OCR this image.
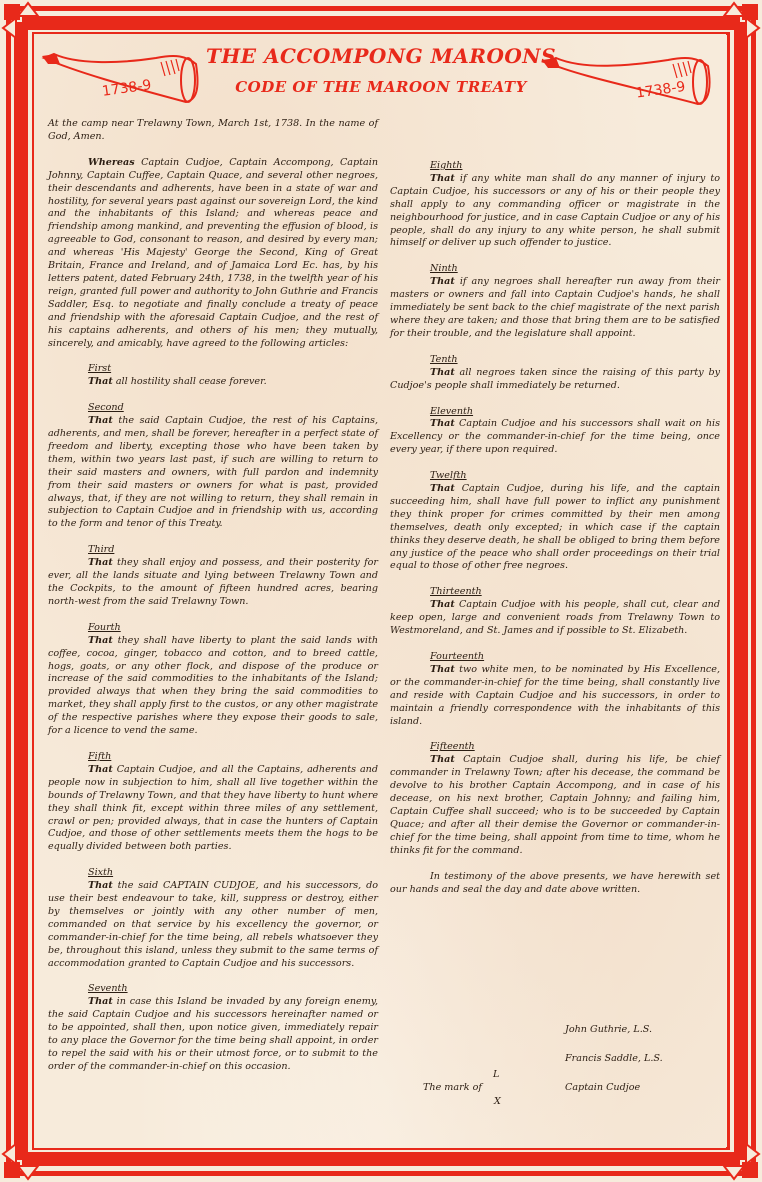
1738-9	1738-9
THE ACCOMPONG MAROONS
CODE OF THE MAROON TREATY

At the camp near Trelawny Town, March 1st, 1738. In the name of God, Amen.

Whereas Captain Cudjoe, Captain Accompong, Captain Johnny, Captain Cuffee, Captain Quace, and several other negroes, their descendants and adherents, have been in a state of war and hostility, for several years past against our sovereign Lord, the kind and the inhabitants of this Island; and whereas peace and friendship among mankind, and preventing the effusion of blood, is agreeable to God, consonant to reason, and desired by every man; and whereas 'His Majesty' George the Second, King of Great Britain, France and Ireland, and of Jamaica Lord Ec. has, by his letters patent, dated February 24th, 1738, in the twelfth year of his reign, granted full power and authority to John Guthrie and Francis Saddler, Esq. to negotiate and finally conclude a treaty of peace and friendship with the aforesaid Captain Cudjoe, and the rest of his captains adherents, and others of his men; they mutually, sincerely, and amicably, have agreed to the following articles:

First
That all hostility shall cease forever.

Second
That the said Captain Cudjoe, the rest of his Captains, adherents, and men, shall be forever, hereafter in a perfect state of freedom and liberty, excepting those who have been taken by them, within two years last past, if such are willing to return to their said masters and owners, with full pardon and indemnity from their said masters or owners for what is past, provided always, that, if they are not willing to return, they shall remain in subjection to Captain Cudjoe and in friendship with us, according to the form and tenor of this Treaty.

Third
That they shall enjoy and possess, and their posterity for ever, all the lands situate and lying between Trelawny Town and the Cockpits, to the amount of fifteen hundred acres, bearing north-west from the said Trelawny Town.

Fourth
That they shall have liberty to plant the said lands with coffee, cocoa, ginger, tobacco and cotton, and to breed cattle, hogs, goats, or any other flock, and dispose of the produce or increase of the said commodities to the inhabitants of the Island; provided always that when they bring the said commodities to market, they shall apply first to the custos, or any other magistrate of the respective parishes where they expose their goods to sale, for a licence to vend the same.

Fifth
That Captain Cudjoe, and all the Captains, adherents and people now in subjection to him, shall all live together within the bounds of Trelawny Town, and that they have liberty to hunt where they shall think fit, except within three miles of any settlement, crawl or pen; provided always, that in case the hunters of Captain Cudjoe, and those of other settlements meets them the hogs to be equally divided between both parties.

Sixth
That the said CAPTAIN CUDJOE, and his successors, do use their best endeavour to take, kill, suppress or destroy, either by themselves or jointly with any other number of men, commanded on that service by his excellency the governor, or commander-in-chief for the time being, all rebels whatsoever they be, throughout this island, unless they submit to the same terms of accommodation granted to Captain Cudjoe and his successors.

Seventh
That in case this Island be invaded by any foreign enemy, the said Captain Cudjoe and his successors hereinafter named or to be appointed, shall then, upon notice given, immediately repair to any place the Governor for the time being shall appoint, in order to repel the said with his or their utmost force, or to submit to the order of the commander-in-chief on this occasion.

Eighth
That if any white man shall do any manner of injury to Captain Cudjoe, his successors or any of his or their people they shall apply to any commanding officer or magistrate in the neighbourhood for justice, and in case Captain Cudjoe or any of his people, shall do any injury to any white person, he shall submit himself or deliver up such offender to justice.

Ninth
That if any negroes shall hereafter run away from their masters or owners and fall into Captain Cudjoe's hands, he shall immediately be sent back to the chief magistrate of the next parish where they are taken; and those that bring them are to be satisfied for their trouble, and the legislature shall appoint.

Tenth
That all negroes taken since the raising of this party by Cudjoe's people shall immediately be returned.

Eleventh
That Captain Cudjoe and his successors shall wait on his Excellency or the commander-in-chief for the time being, once every year, if there upon required.

Twelfth
That Captain Cudjoe, during his life, and the captain succeeding him, shall have full power to inflict any punishment they think proper for crimes committed by their men among themselves, death only excepted; in which case if the captain thinks they deserve death, he shall be obliged to bring them before any justice of the peace who shall order proceedings on their trial equal to those of other free negroes.

Thirteenth
That Captain Cudjoe with his people, shall cut, clear and keep open, large and convenient roads from Trelawny Town to Westmoreland, and St. James and if possible to St. Elizabeth.

Fourteenth
That two white men, to be nominated by His Excellence, or the commander-in-chief for the time being, shall constantly live and reside with Captain Cudjoe and his successors, in order to maintain a friendly correspondence with the inhabitants of this island.

Fifteenth
That Captain Cudjoe shall, during his life, be chief commander in Trelawny Town; after his decease, the command be devolve to his brother Captain Accompong, and in case of his decease, on his next brother, Captain Johnny; and failing him, Captain Cuffee shall succeed; who is to be succeeded by Captain Quace; and after all their demise the Governor or commander-in-chief for the time being, shall appoint from time to time, whom he thinks fit for the command.

In testimony of the above presents, we have herewith set our hands and seal the day and date above written.

John Guthrie, L.S.
Francis Saddle, L.S.
L
The mark of	Captain Cudjoe
X
